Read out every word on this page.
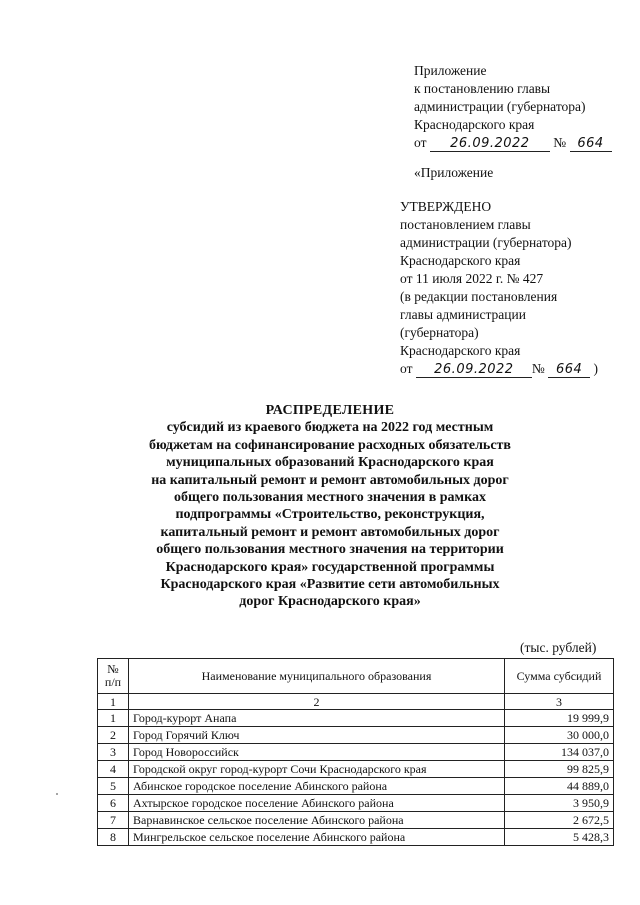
Приложение
к постановлению главы
администрации (губернатора)
Краснодарского края
от 26.09.2022 № 664
«Приложение
УТВЕРЖДЕНО
постановлением главы
администрации (губернатора)
Краснодарского края
от 11 июля 2022 г. № 427
(в редакции постановления
главы администрации
(губернатора)
Краснодарского края
от 26.09.2022 № 664 )
РАСПРЕДЕЛЕНИЕ
субсидий из краевого бюджета на 2022 год местным
бюджетам на софинансирование расходных обязательств
муниципальных образований Краснодарского края
на капитальный ремонт и ремонт автомобильных дорог
общего пользования местного значения в рамках
подпрограммы «Строительство, реконструкция,
капитальный ремонт и ремонт автомобильных дорог
общего пользования местного значения на территории
Краснодарского края» государственной программы
Краснодарского края «Развитие сети автомобильных
дорог Краснодарского края»
(тыс. рублей)
№
п/п	Наименование муниципального образования	Сумма субсидий
1	2	3
1	Город-курорт Анапа	19 999,9
2	Город Горячий Ключ	30 000,0
3	Город Новороссийск	134 037,0
4	Городской округ город-курорт Сочи Краснодарского края	99 825,9
5	Абинское городское поселение Абинского района	44 889,0
6	Ахтырское городское поселение Абинского района	3 950,9
7	Варнавинское сельское поселение Абинского района	2 672,5
8	Мингрельское сельское поселение Абинского района	5 428,3
